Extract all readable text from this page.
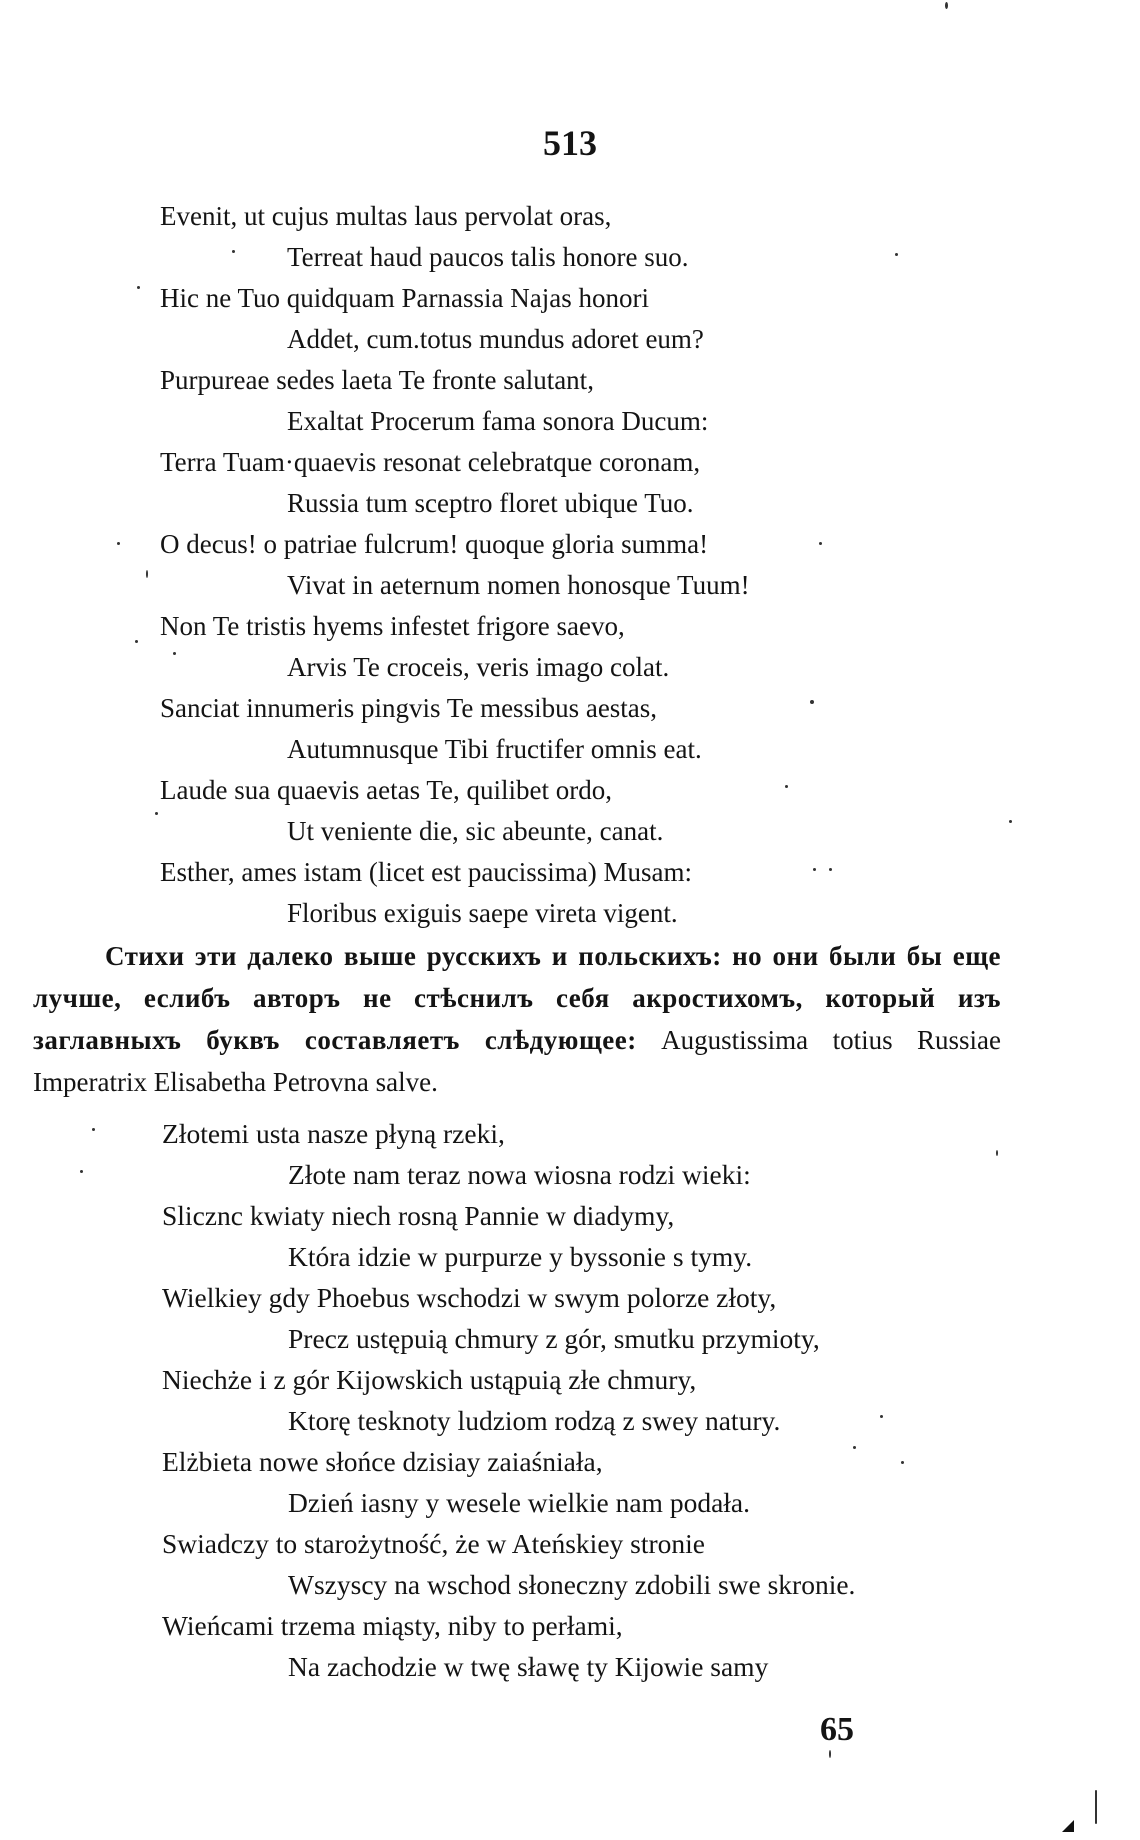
513
Evenit, ut cujus multas laus pervolat oras,
Terreat haud paucos talis honore suo.
Hic ne Tuo quidquam Parnassia Najas honori
Addet, cum.totus mundus adoret eum?
Purpureae sedes laeta Te fronte salutant,
Exaltat Procerum fama sonora Ducum:
Terra Tuam·quaevis resonat celebratque coronam,
Russia tum sceptro floret ubique Tuo.
O decus! o patriae fulcrum! quoque gloria summa!
Vivat in aeternum nomen honosque Tuum!
Non Te tristis hyems infestet frigore saevo,
Arvis Te croceis, veris imago colat.
Sanciat innumeris pingvis Te messibus aestas,
Autumnusque Tibi fructifer omnis eat.
Laude sua quaevis aetas Te, quilibet ordo,
Ut veniente die, sic abeunte, canat.
Esther, ames istam (licet est paucissima) Musam:
Floribus exiguis saepe vireta vigent.

Стихи эти далеко выше русскихъ и польскихъ: но они были бы еще лучше, еслибъ авторъ не стѣснилъ себя акростихомъ, который изъ заглавныхъ буквъ составляетъ слѣдующее: Augustissima totius Russiae Imperatrix Elisabetha Petrovna salve.

Złotemi usta nasze płyną rzeki,
Złote nam teraz nowa wiosna rodzi wieki:
Slicznc kwiaty niech rosną Pannie w diadymy,
Która idzie w purpurze y byssonie s tymy.
Wielkiey gdy Phoebus wschodzi w swym polorze złoty,
Precz ustępuią chmury z gór, smutku przymioty,
Niechże i z gór Kijowskich ustąpuią złe chmury,
Ktorę tesknoty ludziom rodzą z swey natury.
Elżbieta nowe słońce dzisiay zaiaśniała,
Dzień iasny y wesele wielkie nam podała.
Swiadczy to starożytność, że w Ateńskiey stronie
Wszyscy na wschod słoneczny zdobili swe skronie.
Wieńcami trzema miąsty, niby to perłami,
Na zachodzie w twę sławę ty Kijowie samy
65
